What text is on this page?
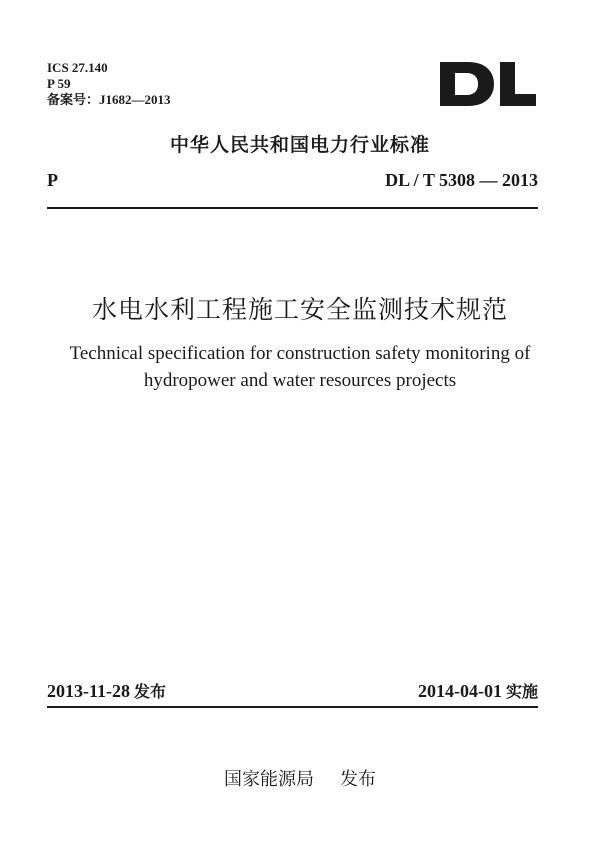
ICS 27.140
P 59
备案号：J1682—2013
中华人民共和国电力行业标准
P	DL / T 5308 — 2013
水电水利工程施工安全监测技术规范
Technical specification for construction safety monitoring of
hydropower and water resources projects
2013-11-28 发布	2014-04-01 实施
国家能源局 发布
